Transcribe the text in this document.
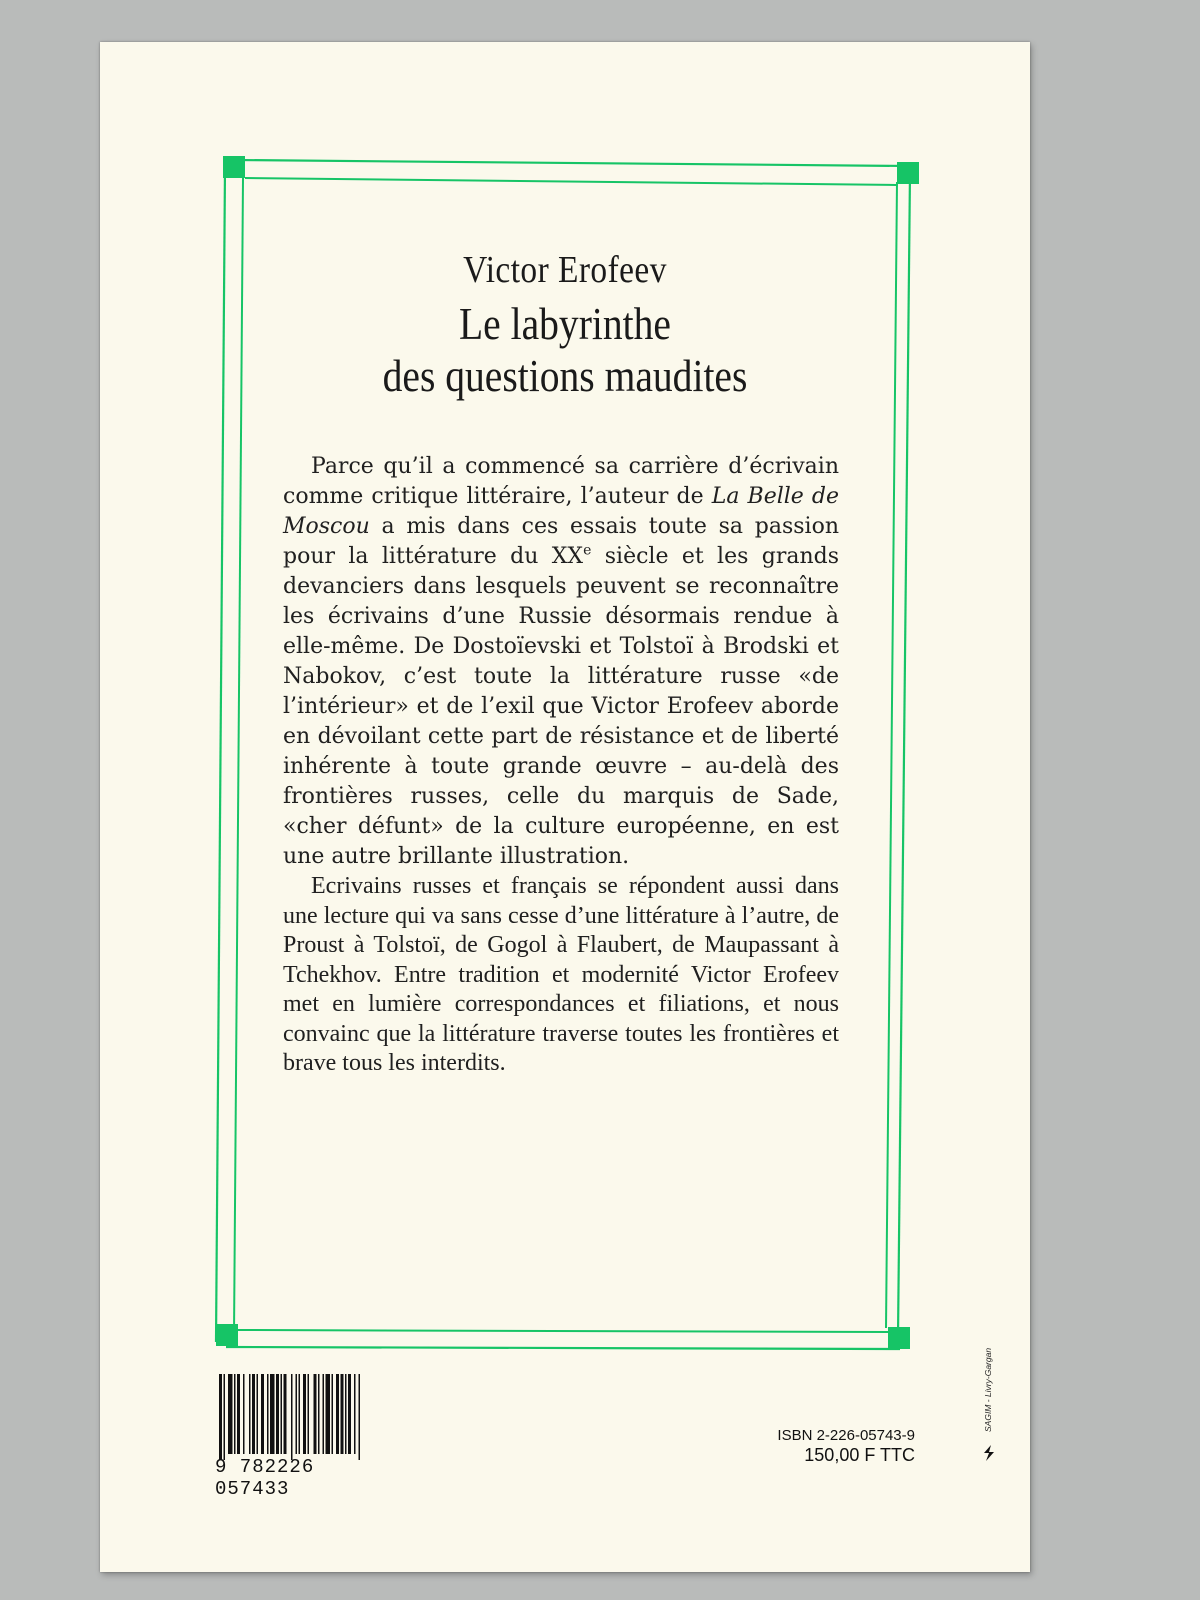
Victor Erofeev
Le labyrinthe
des questions maudites

Parce qu’il a commencé sa carrière d’écrivain comme critique littéraire, l’auteur de La Belle de Moscou a mis dans ces essais toute sa passion pour la littérature du XXe siècle et les grands devanciers dans lesquels peuvent se reconnaître les écrivains d’une Russie désormais rendue à elle-même. De Dostoïevski et Tolstoï à Brodski et Nabokov, c’est toute la littérature russe «de l’intérieur» et de l’exil que Victor Erofeev aborde en dévoilant cette part de résistance et de liberté inhérente à toute grande œuvre – au-delà des frontières russes, celle du marquis de Sade, «cher défunt» de la culture européenne, en est une autre brillante illustration.

Ecrivains russes et français se répondent aussi dans une lecture qui va sans cesse d’une littérature à l’autre, de Proust à Tolstoï, de Gogol à Flaubert, de Maupassant à Tchekhov. Entre tradition et modernité Victor Erofeev met en lumière correspondances et filiations, et nous convainc que la littérature traverse toutes les frontières et brave tous les interdits.

9 782226 057433
ISBN 2-226-05743-9
150,00 F TTC
SAGIM - Livry-Gargan
